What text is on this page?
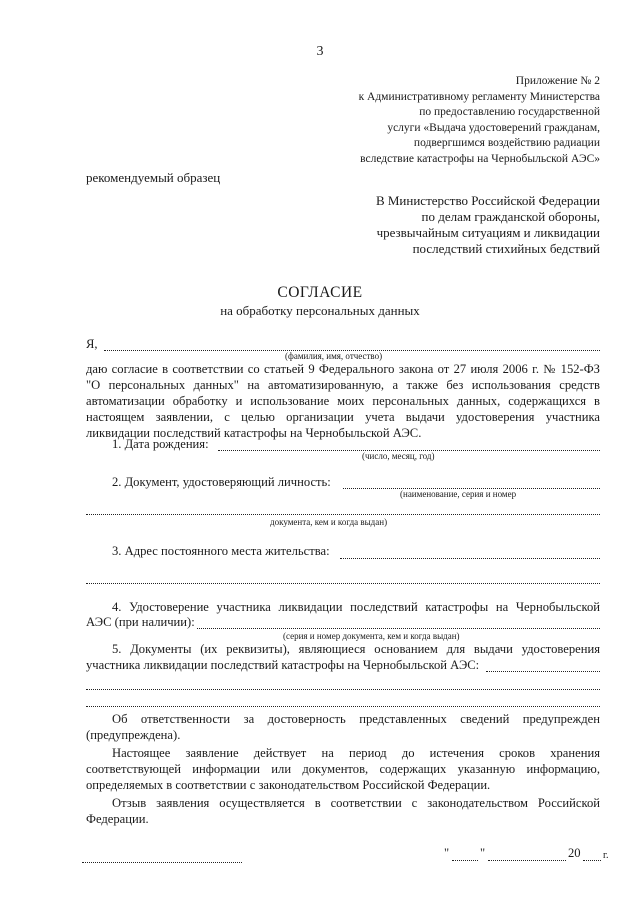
3
Приложение № 2
к Административному регламенту Министерства
по предоставлению государственной
услуги «Выдача удостоверений гражданам,
подвергшимся воздействию радиации
вследствие катастрофы на Чернобыльской АЭС»
рекомендуемый образец
В Министерство Российской Федерации по делам гражданской обороны, чрезвычайным ситуациям и ликвидации последствий стихийных бедствий
СОГЛАСИЕ
на обработку персональных данных
Я,
(фамилия, имя, отчество)
даю согласие в соответствии со статьей 9 Федерального закона от 27 июля 2006 г. № 152-ФЗ
"О персональных данных" на автоматизированную, а также без использования средств
автоматизации обработку и использование моих персональных данных, содержащихся в
настоящем заявлении, с целью организации учета выдачи удостоверения участника
ликвидации последствий катастрофы на Чернобыльской АЭС.
1. Дата рождения:
(число, месяц, год)
2. Документ, удостоверяющий личность:
(наименование, серия и номер
документа, кем и когда выдан)
3. Адрес постоянного места жительства:
4. Удостоверение участника ликвидации последствий катастрофы на Чернобыльской
АЭС (при наличии):
(серия и номер документа, кем и когда выдан)
5. Документы (их реквизиты), являющиеся основанием для выдачи удостоверения
участника ликвидации последствий катастрофы на Чернобыльской АЭС:
Об ответственности за достоверность представленных сведений предупрежден
(предупреждена).
Настоящее заявление действует на период до истечения сроков хранения
соответствующей информации или документов, содержащих указанную информацию,
определяемых в соответствии с законодательством Российской Федерации.
Отзыв заявления осуществляется в соответствии с законодательством Российской
Федерации.
" "	20 г.
